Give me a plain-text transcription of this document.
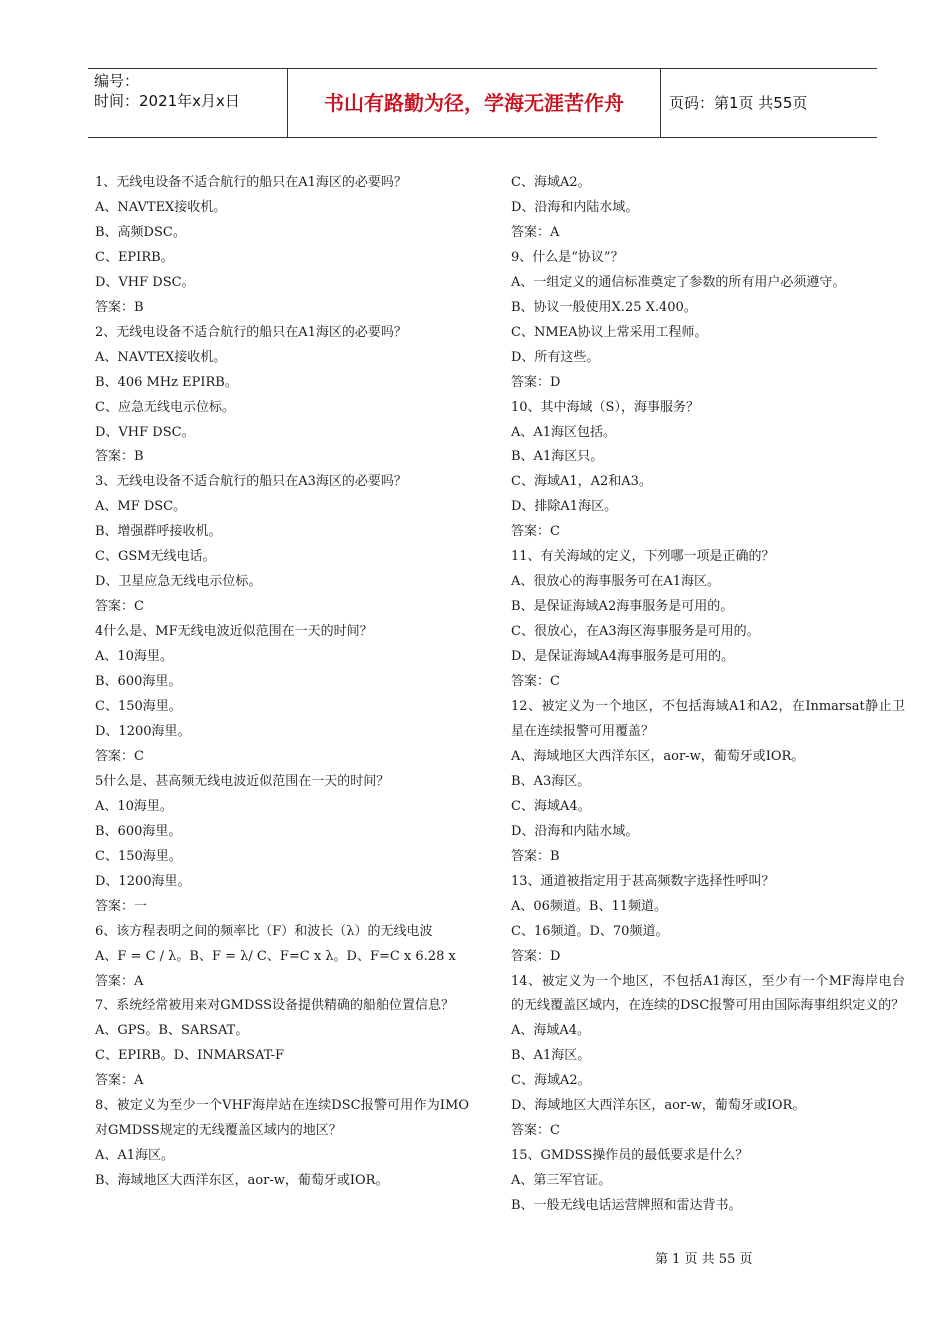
编号：
时间：2021年x月x日	书山有路勤为径，学海无涯苦作舟	页码：第1页 共55页

1、无线电设备不适合航行的船只在A1海区的必要吗？

A、NAVTEX接收机。

B、高频DSC。

C、EPIRB。

D、VHF DSC。

答案：B

2、无线电设备不适合航行的船只在A1海区的必要吗？

A、NAVTEX接收机。

B、406 MHz EPIRB。

C、应急无线电示位标。

D、VHF DSC。

答案：B

3、无线电设备不适合航行的船只在A3海区的必要吗？

A、MF DSC。

B、增强群呼接收机。

C、GSM无线电话。

D、卫星应急无线电示位标。

答案：C

4什么是、MF无线电波近似范围在一天的时间？

A、10海里。

B、600海里。

C、150海里。

D、1200海里。

答案：C

5什么是、甚高频无线电波近似范围在一天的时间？

A、10海里。

B、600海里。

C、150海里。

D、1200海里。

答案：一

6、该方程表明之间的频率比（F）和波长（λ）的无线电波

A、F = C / λ。B、F = λ/ C、F=C x λ。D、F=C x 6.28 x

答案：A

7、系统经常被用来对GMDSS设备提供精确的船舶位置信息？

A、GPS。B、SARSAT。

C、EPIRB。D、INMARSAT-F

答案：A

8、被定义为至少一个VHF海岸站在连续DSC报警可用作为IMO对GMDSS规定的无线覆盖区域内的地区？

A、A1海区。

B、海域地区大西洋东区，aor-w，葡萄牙或IOR。

C、海域A2。

D、沿海和内陆水域。

答案：A

9、什么是“协议”？

A、一组定义的通信标准奠定了参数的所有用户必须遵守。

B、协议一般使用X.25 X.400。

C、NMEA协议上常采用工程师。

D、所有这些。

答案：D

10、其中海域（S），海事服务？

A、A1海区包括。

B、A1海区只。

C、海域A1，A2和A3。

D、排除A1海区。

答案：C

11、有关海域的定义，下列哪一项是正确的？

A、很放心的海事服务可在A1海区。

B、是保证海域A2海事服务是可用的。

C、很放心，在A3海区海事服务是可用的。

D、是保证海域A4海事服务是可用的。

答案：C

12、被定义为一个地区，不包括海域A1和A2，在Inmarsat静止卫星在连续报警可用覆盖？

A、海域地区大西洋东区，aor-w，葡萄牙或IOR。

B、A3海区。

C、海域A4。

D、沿海和内陆水域。

答案：B

13、通道被指定用于甚高频数字选择性呼叫？

A、06频道。B、11频道。

C、16频道。D、70频道。

答案：D

14、被定义为一个地区，不包括A1海区，至少有一个MF海岸电台的无线覆盖区域内，在连续的DSC报警可用由国际海事组织定义的？

A、海域A4。

B、A1海区。

C、海域A2。

D、海域地区大西洋东区，aor-w，葡萄牙或IOR。

答案：C

15、GMDSS操作员的最低要求是什么？

A、第三军官证。

B、一般无线电话运营牌照和雷达背书。

第 1 页 共 55 页
